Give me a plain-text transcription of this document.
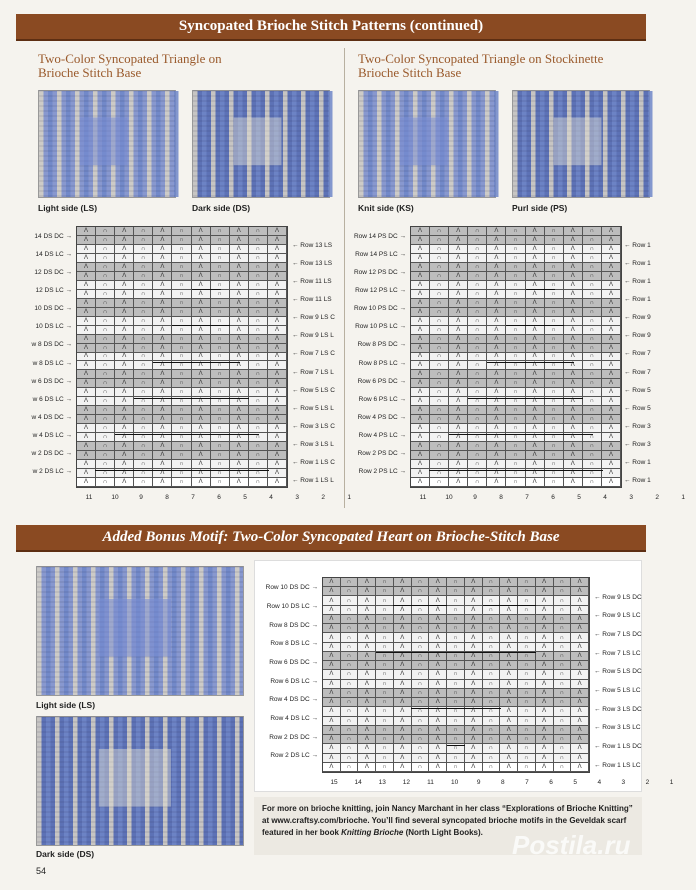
Syncopated Brioche Stitch Patterns (continued)
Two-Color Syncopated Triangle on
Brioche Stitch Base
Light side (LS)	Dark side (DS)
Two-Color Syncopated Triangle on Stockinette
Brioche Stitch Base
Knit side (KS)	Purl side (PS)
Added Bonus Motif: Two-Color Syncopated Heart on Brioche-Stitch Base
Light side (LS)
Dark side (DS)
For more on brioche knitting, join Nancy Marchant in her class “Explorations of Brioche Knitting”
at www.craftsy.com/brioche. You’ll find several syncopated brioche motifs in the Geveldak scarf
featured in her book Knitting Brioche (North Light Books).
54
Postila.ru
Ʌ	∩	Ʌ	∩	Ʌ	∩	Ʌ	∩	Ʌ	∩	Ʌ
Ʌ	∩	Ʌ	∩	Ʌ	∩	Ʌ	∩	Ʌ	∩	Ʌ
Ʌ	∩	Ʌ	∩	Ʌ	∩	Ʌ	∩	Ʌ	∩	Ʌ
Ʌ	∩	Ʌ	∩	Ʌ	∩	Ʌ	∩	Ʌ	∩	Ʌ
Ʌ	∩	Ʌ	∩	Ʌ	∩	Ʌ	∩	Ʌ	∩	Ʌ
Ʌ	∩	Ʌ	∩	Ʌ	∩	Ʌ	∩	Ʌ	∩	Ʌ
Ʌ	∩	Ʌ	∩	Ʌ	∩	Ʌ	∩	Ʌ	∩	Ʌ
Ʌ	∩	Ʌ	∩	Ʌ	∩	Ʌ	∩	Ʌ	∩	Ʌ
Ʌ	∩	Ʌ	∩	Ʌ	∩	Ʌ	∩	Ʌ	∩	Ʌ
Ʌ	∩	Ʌ	∩	Ʌ	∩	Ʌ	∩	Ʌ	∩	Ʌ
Ʌ	∩	Ʌ	∩	Ʌ	∩	Ʌ	∩	Ʌ	∩	Ʌ
Ʌ	∩	Ʌ	∩	Ʌ	∩	Ʌ	∩	Ʌ	∩	Ʌ
Ʌ	∩	Ʌ	∩	Ʌ	∩	Ʌ	∩	Ʌ	∩	Ʌ
Ʌ	∩	Ʌ	∩	Ʌ	∩	Ʌ	∩	Ʌ	∩	Ʌ
Ʌ	∩	Ʌ	∩	Ʌ	∩	Ʌ	∩	Ʌ	∩	Ʌ
Ʌ	∩	Ʌ	∩	Ʌ	∩	Ʌ	∩	Ʌ	∩	Ʌ
Ʌ	∩	Ʌ	∩	Ʌ	∩	Ʌ	∩	Ʌ	∩	Ʌ
Ʌ	∩	Ʌ	∩	Ʌ	∩	Ʌ	∩	Ʌ	∩	Ʌ
Ʌ	∩	Ʌ	∩	Ʌ	∩	Ʌ	∩	Ʌ	∩	Ʌ
Ʌ	∩	Ʌ	∩	Ʌ	∩	Ʌ	∩	Ʌ	∩	Ʌ
Ʌ	∩	Ʌ	∩	Ʌ	∩	Ʌ	∩	Ʌ	∩	Ʌ
Ʌ	∩	Ʌ	∩	Ʌ	∩	Ʌ	∩	Ʌ	∩	Ʌ
Ʌ	∩	Ʌ	∩	Ʌ	∩	Ʌ	∩	Ʌ	∩	Ʌ
Ʌ	∩	Ʌ	∩	Ʌ	∩	Ʌ	∩	Ʌ	∩	Ʌ
Ʌ	∩	Ʌ	∩	Ʌ	∩	Ʌ	∩	Ʌ	∩	Ʌ
Ʌ	∩	Ʌ	∩	Ʌ	∩	Ʌ	∩	Ʌ	∩	Ʌ
Ʌ	∩	Ʌ	∩	Ʌ	∩	Ʌ	∩	Ʌ	∩	Ʌ
Ʌ	∩	Ʌ	∩	Ʌ	∩	Ʌ	∩	Ʌ	∩	Ʌ
Ʌ	∩	Ʌ	∩	Ʌ	∩	Ʌ	∩	Ʌ	∩	Ʌ
14 DS DC →
14 DS LC →
12 DS DC →
12 DS LC →
10 DS DC →
10 DS LC →
w 8 DS DC →
w 8 DS LC →
w 6 DS DC →
w 6 DS LC →
w 4 DS DC →
w 4 DS LC →
w 2 DS DC →
w 2 DS LC →
← Row 13 LS
← Row 13 LS
← Row 11 LS
← Row 11 LS
← Row 9 LS C
← Row 9 LS L
← Row 7 LS C
← Row 7 LS L
← Row 5 LS C
← Row 5 LS L
← Row 3 LS C
← Row 3 LS L
← Row 1 LS C
← Row 1 LS L
11	10	9	8	7	6	5	4	3	2	1
Ʌ	∩	Ʌ	∩	Ʌ	∩	Ʌ	∩	Ʌ	∩	Ʌ
Ʌ	∩	Ʌ	∩	Ʌ	∩	Ʌ	∩	Ʌ	∩	Ʌ
Ʌ	∩	Ʌ	∩	Ʌ	∩	Ʌ	∩	Ʌ	∩	Ʌ
Ʌ	∩	Ʌ	∩	Ʌ	∩	Ʌ	∩	Ʌ	∩	Ʌ
Ʌ	∩	Ʌ	∩	Ʌ	∩	Ʌ	∩	Ʌ	∩	Ʌ
Ʌ	∩	Ʌ	∩	Ʌ	∩	Ʌ	∩	Ʌ	∩	Ʌ
Ʌ	∩	Ʌ	∩	Ʌ	∩	Ʌ	∩	Ʌ	∩	Ʌ
Ʌ	∩	Ʌ	∩	Ʌ	∩	Ʌ	∩	Ʌ	∩	Ʌ
Ʌ	∩	Ʌ	∩	Ʌ	∩	Ʌ	∩	Ʌ	∩	Ʌ
Ʌ	∩	Ʌ	∩	Ʌ	∩	Ʌ	∩	Ʌ	∩	Ʌ
Ʌ	∩	Ʌ	∩	Ʌ	∩	Ʌ	∩	Ʌ	∩	Ʌ
Ʌ	∩	Ʌ	∩	Ʌ	∩	Ʌ	∩	Ʌ	∩	Ʌ
Ʌ	∩	Ʌ	∩	Ʌ	∩	Ʌ	∩	Ʌ	∩	Ʌ
Ʌ	∩	Ʌ	∩	Ʌ	∩	Ʌ	∩	Ʌ	∩	Ʌ
Ʌ	∩	Ʌ	∩	Ʌ	∩	Ʌ	∩	Ʌ	∩	Ʌ
Ʌ	∩	Ʌ	∩	Ʌ	∩	Ʌ	∩	Ʌ	∩	Ʌ
Ʌ	∩	Ʌ	∩	Ʌ	∩	Ʌ	∩	Ʌ	∩	Ʌ
Ʌ	∩	Ʌ	∩	Ʌ	∩	Ʌ	∩	Ʌ	∩	Ʌ
Ʌ	∩	Ʌ	∩	Ʌ	∩	Ʌ	∩	Ʌ	∩	Ʌ
Ʌ	∩	Ʌ	∩	Ʌ	∩	Ʌ	∩	Ʌ	∩	Ʌ
Ʌ	∩	Ʌ	∩	Ʌ	∩	Ʌ	∩	Ʌ	∩	Ʌ
Ʌ	∩	Ʌ	∩	Ʌ	∩	Ʌ	∩	Ʌ	∩	Ʌ
Ʌ	∩	Ʌ	∩	Ʌ	∩	Ʌ	∩	Ʌ	∩	Ʌ
Ʌ	∩	Ʌ	∩	Ʌ	∩	Ʌ	∩	Ʌ	∩	Ʌ
Ʌ	∩	Ʌ	∩	Ʌ	∩	Ʌ	∩	Ʌ	∩	Ʌ
Ʌ	∩	Ʌ	∩	Ʌ	∩	Ʌ	∩	Ʌ	∩	Ʌ
Ʌ	∩	Ʌ	∩	Ʌ	∩	Ʌ	∩	Ʌ	∩	Ʌ
Ʌ	∩	Ʌ	∩	Ʌ	∩	Ʌ	∩	Ʌ	∩	Ʌ
Ʌ	∩	Ʌ	∩	Ʌ	∩	Ʌ	∩	Ʌ	∩	Ʌ
Row 14 PS DC →
Row 14 PS LC →
Row 12 PS DC →
Row 12 PS LC →
Row 10 PS DC →
Row 10 PS LC →
Row 8 PS DC →
Row 8 PS LC →
Row 6 PS DC →
Row 6 PS LC →
Row 4 PS DC →
Row 4 PS LC →
Row 2 PS DC →
Row 2 PS LC →
← Row 1
← Row 1
← Row 1
← Row 1
← Row 9
← Row 9
← Row 7
← Row 7
← Row 5
← Row 5
← Row 3
← Row 3
← Row 1
← Row 1
11	10	9	8	7	6	5	4	3	2	1
Ʌ	∩	Ʌ	∩	Ʌ	∩	Ʌ	∩	Ʌ	∩	Ʌ	∩	Ʌ	∩	Ʌ
Ʌ	∩	Ʌ	∩	Ʌ	∩	Ʌ	∩	Ʌ	∩	Ʌ	∩	Ʌ	∩	Ʌ
Ʌ	∩	Ʌ	∩	Ʌ	∩	Ʌ	∩	Ʌ	∩	Ʌ	∩	Ʌ	∩	Ʌ
Ʌ	∩	Ʌ	∩	Ʌ	∩	Ʌ	∩	Ʌ	∩	Ʌ	∩	Ʌ	∩	Ʌ
Ʌ	∩	Ʌ	∩	Ʌ	∩	Ʌ	∩	Ʌ	∩	Ʌ	∩	Ʌ	∩	Ʌ
Ʌ	∩	Ʌ	∩	Ʌ	∩	Ʌ	∩	Ʌ	∩	Ʌ	∩	Ʌ	∩	Ʌ
Ʌ	∩	Ʌ	∩	Ʌ	∩	Ʌ	∩	Ʌ	∩	Ʌ	∩	Ʌ	∩	Ʌ
Ʌ	∩	Ʌ	∩	Ʌ	∩	Ʌ	∩	Ʌ	∩	Ʌ	∩	Ʌ	∩	Ʌ
Ʌ	∩	Ʌ	∩	Ʌ	∩	Ʌ	∩	Ʌ	∩	Ʌ	∩	Ʌ	∩	Ʌ
Ʌ	∩	Ʌ	∩	Ʌ	∩	Ʌ	∩	Ʌ	∩	Ʌ	∩	Ʌ	∩	Ʌ
Ʌ	∩	Ʌ	∩	Ʌ	∩	Ʌ	∩	Ʌ	∩	Ʌ	∩	Ʌ	∩	Ʌ
Ʌ	∩	Ʌ	∩	Ʌ	∩	Ʌ	∩	Ʌ	∩	Ʌ	∩	Ʌ	∩	Ʌ
Ʌ	∩	Ʌ	∩	Ʌ	∩	Ʌ	∩	Ʌ	∩	Ʌ	∩	Ʌ	∩	Ʌ
Ʌ	∩	Ʌ	∩	Ʌ	∩	Ʌ	∩	Ʌ	∩	Ʌ	∩	Ʌ	∩	Ʌ
Ʌ	∩	Ʌ	∩	Ʌ	∩	Ʌ	∩	Ʌ	∩	Ʌ	∩	Ʌ	∩	Ʌ
Ʌ	∩	Ʌ	∩	Ʌ	∩	Ʌ	∩	Ʌ	∩	Ʌ	∩	Ʌ	∩	Ʌ
Ʌ	∩	Ʌ	∩	Ʌ	∩	Ʌ	∩	Ʌ	∩	Ʌ	∩	Ʌ	∩	Ʌ
Ʌ	∩	Ʌ	∩	Ʌ	∩	Ʌ	∩	Ʌ	∩	Ʌ	∩	Ʌ	∩	Ʌ
Ʌ	∩	Ʌ	∩	Ʌ	∩	Ʌ	∩	Ʌ	∩	Ʌ	∩	Ʌ	∩	Ʌ
Ʌ	∩	Ʌ	∩	Ʌ	∩	Ʌ	∩	Ʌ	∩	Ʌ	∩	Ʌ	∩	Ʌ
Ʌ	∩	Ʌ	∩	Ʌ	∩	Ʌ	∩	Ʌ	∩	Ʌ	∩	Ʌ	∩	Ʌ
Row 10 DS DC →
Row 10 DS LC →
Row 8 DS DC →
Row 8 DS LC →
Row 6 DS DC →
Row 6 DS LC →
Row 4 DS DC →
Row 4 DS LC →
Row 2 DS DC →
Row 2 DS LC →
← Row 9 LS DC
← Row 9 LS LC
← Row 7 LS DC
← Row 7 LS LC
← Row 5 LS DC
← Row 5 LS LC
← Row 3 LS DC
← Row 3 LS LC
← Row 1 LS DC
← Row 1 LS LC
15	14	13	12	11	10	9	8	7	6	5	4	3	2	1
